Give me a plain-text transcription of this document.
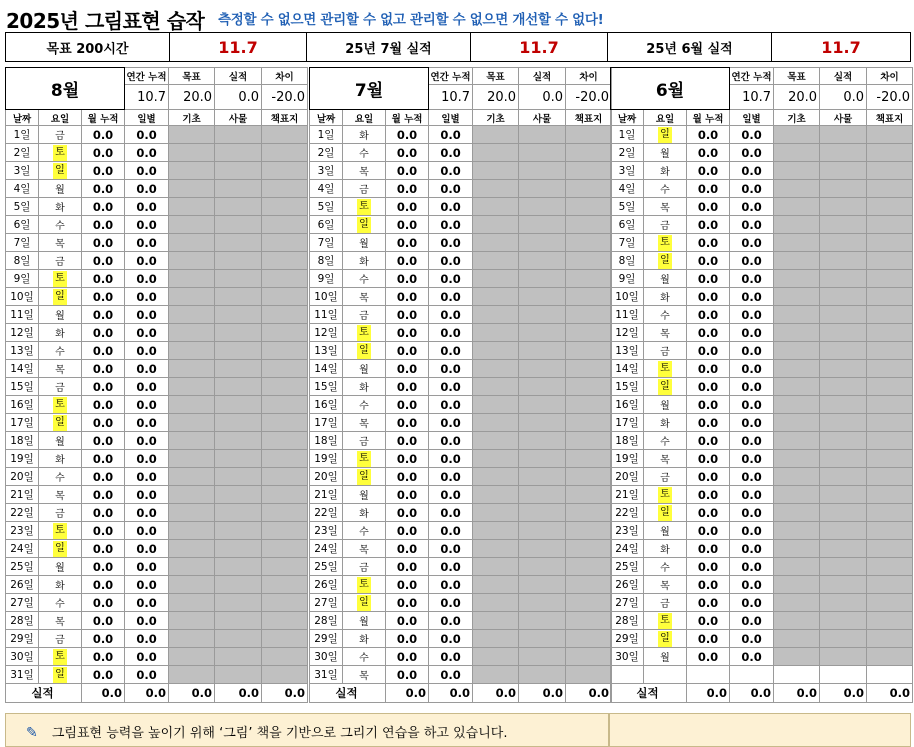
2025년 그림표현 습작 측정할 수 없으면 관리할 수 없고 관리할 수 없으면 개선할 수 없다!
목표 200시간	11.7	25년 7월 실적	11.7	25년 6월 실적	11.7
8월			연간 누적	목표	실적	차이
			10.7	20.0	0.0	-20.0
날짜	요일	월 누적	일별	기초	사물	책표지
1일	금	0.0	0.0			
2일	토	0.0	0.0			
3일	일	0.0	0.0			
4일	월	0.0	0.0			
5일	화	0.0	0.0			
6일	수	0.0	0.0			
7일	목	0.0	0.0			
8일	금	0.0	0.0			
9일	토	0.0	0.0			
10일	일	0.0	0.0			
11일	월	0.0	0.0			
12일	화	0.0	0.0			
13일	수	0.0	0.0			
14일	목	0.0	0.0			
15일	금	0.0	0.0			
16일	토	0.0	0.0			
17일	일	0.0	0.0			
18일	월	0.0	0.0			
19일	화	0.0	0.0			
20일	수	0.0	0.0			
21일	목	0.0	0.0			
22일	금	0.0	0.0			
23일	토	0.0	0.0			
24일	일	0.0	0.0			
25일	월	0.0	0.0			
26일	화	0.0	0.0			
27일	수	0.0	0.0			
28일	목	0.0	0.0			
29일	금	0.0	0.0			
30일	토	0.0	0.0			
31일	일	0.0	0.0			
실적		0.0	0.0	0.0	0.0	0.0
7월			연간 누적	목표	실적	차이
			10.7	20.0	0.0	-20.0
날짜	요일	월 누적	일별	기초	사물	책표지
1일	화	0.0	0.0			
2일	수	0.0	0.0			
3일	목	0.0	0.0			
4일	금	0.0	0.0			
5일	토	0.0	0.0			
6일	일	0.0	0.0			
7일	월	0.0	0.0			
8일	화	0.0	0.0			
9일	수	0.0	0.0			
10일	목	0.0	0.0			
11일	금	0.0	0.0			
12일	토	0.0	0.0			
13일	일	0.0	0.0			
14일	월	0.0	0.0			
15일	화	0.0	0.0			
16일	수	0.0	0.0			
17일	목	0.0	0.0			
18일	금	0.0	0.0			
19일	토	0.0	0.0			
20일	일	0.0	0.0			
21일	월	0.0	0.0			
22일	화	0.0	0.0			
23일	수	0.0	0.0			
24일	목	0.0	0.0			
25일	금	0.0	0.0			
26일	토	0.0	0.0			
27일	일	0.0	0.0			
28일	월	0.0	0.0			
29일	화	0.0	0.0			
30일	수	0.0	0.0			
31일	목	0.0	0.0			
실적		0.0	0.0	0.0	0.0	0.0
6월			연간 누적	목표	실적	차이
			10.7	20.0	0.0	-20.0
날짜	요일	월 누적	일별	기초	사물	책표지
1일	일	0.0	0.0			
2일	월	0.0	0.0			
3일	화	0.0	0.0			
4일	수	0.0	0.0			
5일	목	0.0	0.0			
6일	금	0.0	0.0			
7일	토	0.0	0.0			
8일	일	0.0	0.0			
9일	월	0.0	0.0			
10일	화	0.0	0.0			
11일	수	0.0	0.0			
12일	목	0.0	0.0			
13일	금	0.0	0.0			
14일	토	0.0	0.0			
15일	일	0.0	0.0			
16일	월	0.0	0.0			
17일	화	0.0	0.0			
18일	수	0.0	0.0			
19일	목	0.0	0.0			
20일	금	0.0	0.0			
21일	토	0.0	0.0			
22일	일	0.0	0.0			
23일	월	0.0	0.0			
24일	화	0.0	0.0			
25일	수	0.0	0.0			
26일	목	0.0	0.0			
27일	금	0.0	0.0			
28일	토	0.0	0.0			
29일	일	0.0	0.0			
30일	월	0.0	0.0			

실적		0.0	0.0	0.0	0.0	0.0
✎ 그림표현 능력을 높이기 위해 ‘그림’ 책을 기반으로 그리기 연습을 하고 있습니다.
